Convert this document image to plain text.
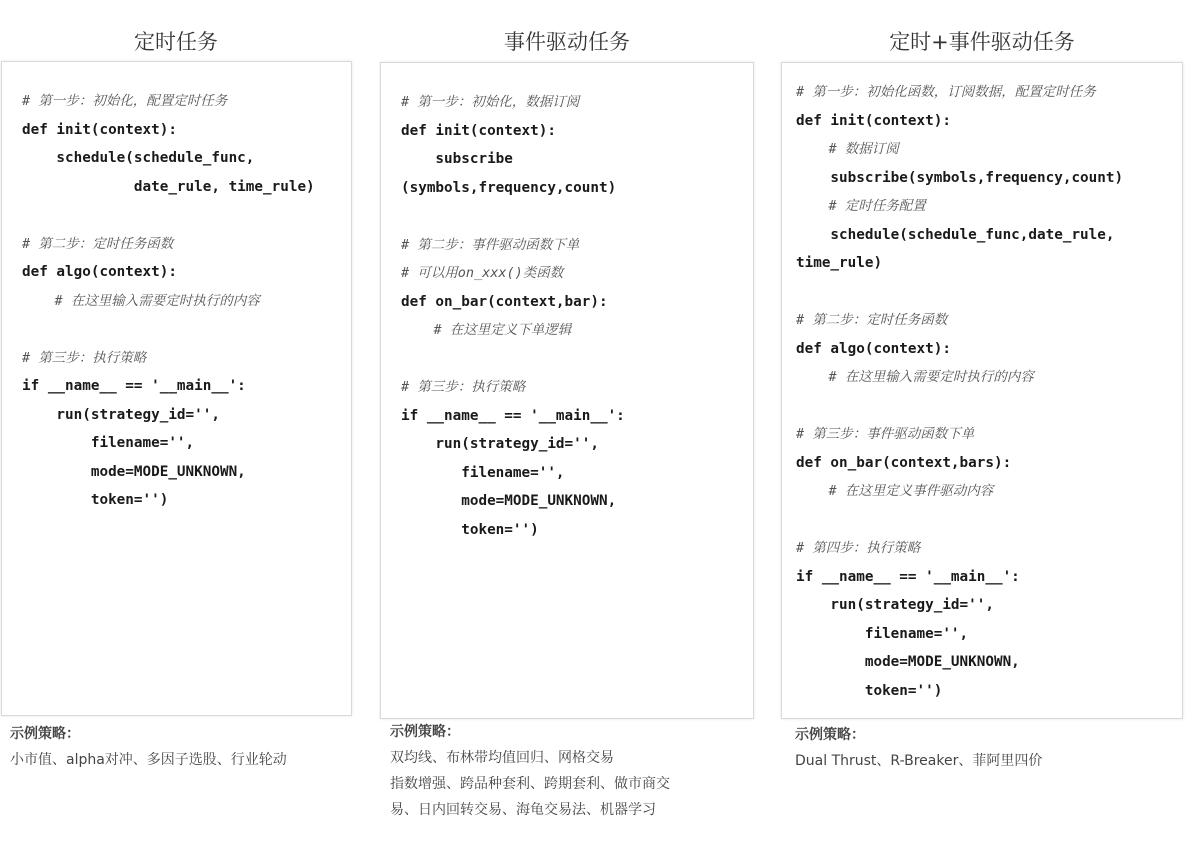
定时任务
# 第一步：初始化，配置定时任务
def init(context):
schedule(schedule_func,
date_rule, time_rule)
# 第二步：定时任务函数
def algo(context):
# 在这里输入需要定时执行的内容
# 第三步：执行策略
if __name__ == '__main__':
run(strategy_id='',
filename='',
mode=MODE_UNKNOWN,
token='')
示例策略：
小市值、alpha对冲、多因子选股、行业轮动
事件驱动任务
# 第一步：初始化，数据订阅
def init(context):
subscribe
(symbols,frequency,count)
# 第二步：事件驱动函数下单
# 可以用on_xxx()类函数
def on_bar(context,bar):
# 在这里定义下单逻辑
# 第三步：执行策略
if __name__ == '__main__':
run(strategy_id='',
filename='',
mode=MODE_UNKNOWN,
token='')
示例策略：
双均线、布林带均值回归、网格交易
指数增强、跨品种套利、跨期套利、做市商交
易、日内回转交易、海龟交易法、机器学习
定时+事件驱动任务
# 第一步：初始化函数，订阅数据，配置定时任务
def init(context):
# 数据订阅
subscribe(symbols,frequency,count)
# 定时任务配置
schedule(schedule_func,date_rule,
time_rule)
# 第二步：定时任务函数
def algo(context):
# 在这里输入需要定时执行的内容
# 第三步：事件驱动函数下单
def on_bar(context,bars):
# 在这里定义事件驱动内容
# 第四步：执行策略
if __name__ == '__main__':
run(strategy_id='',
filename='',
mode=MODE_UNKNOWN,
token='')
示例策略：
Dual Thrust、R-Breaker、菲阿里四价
